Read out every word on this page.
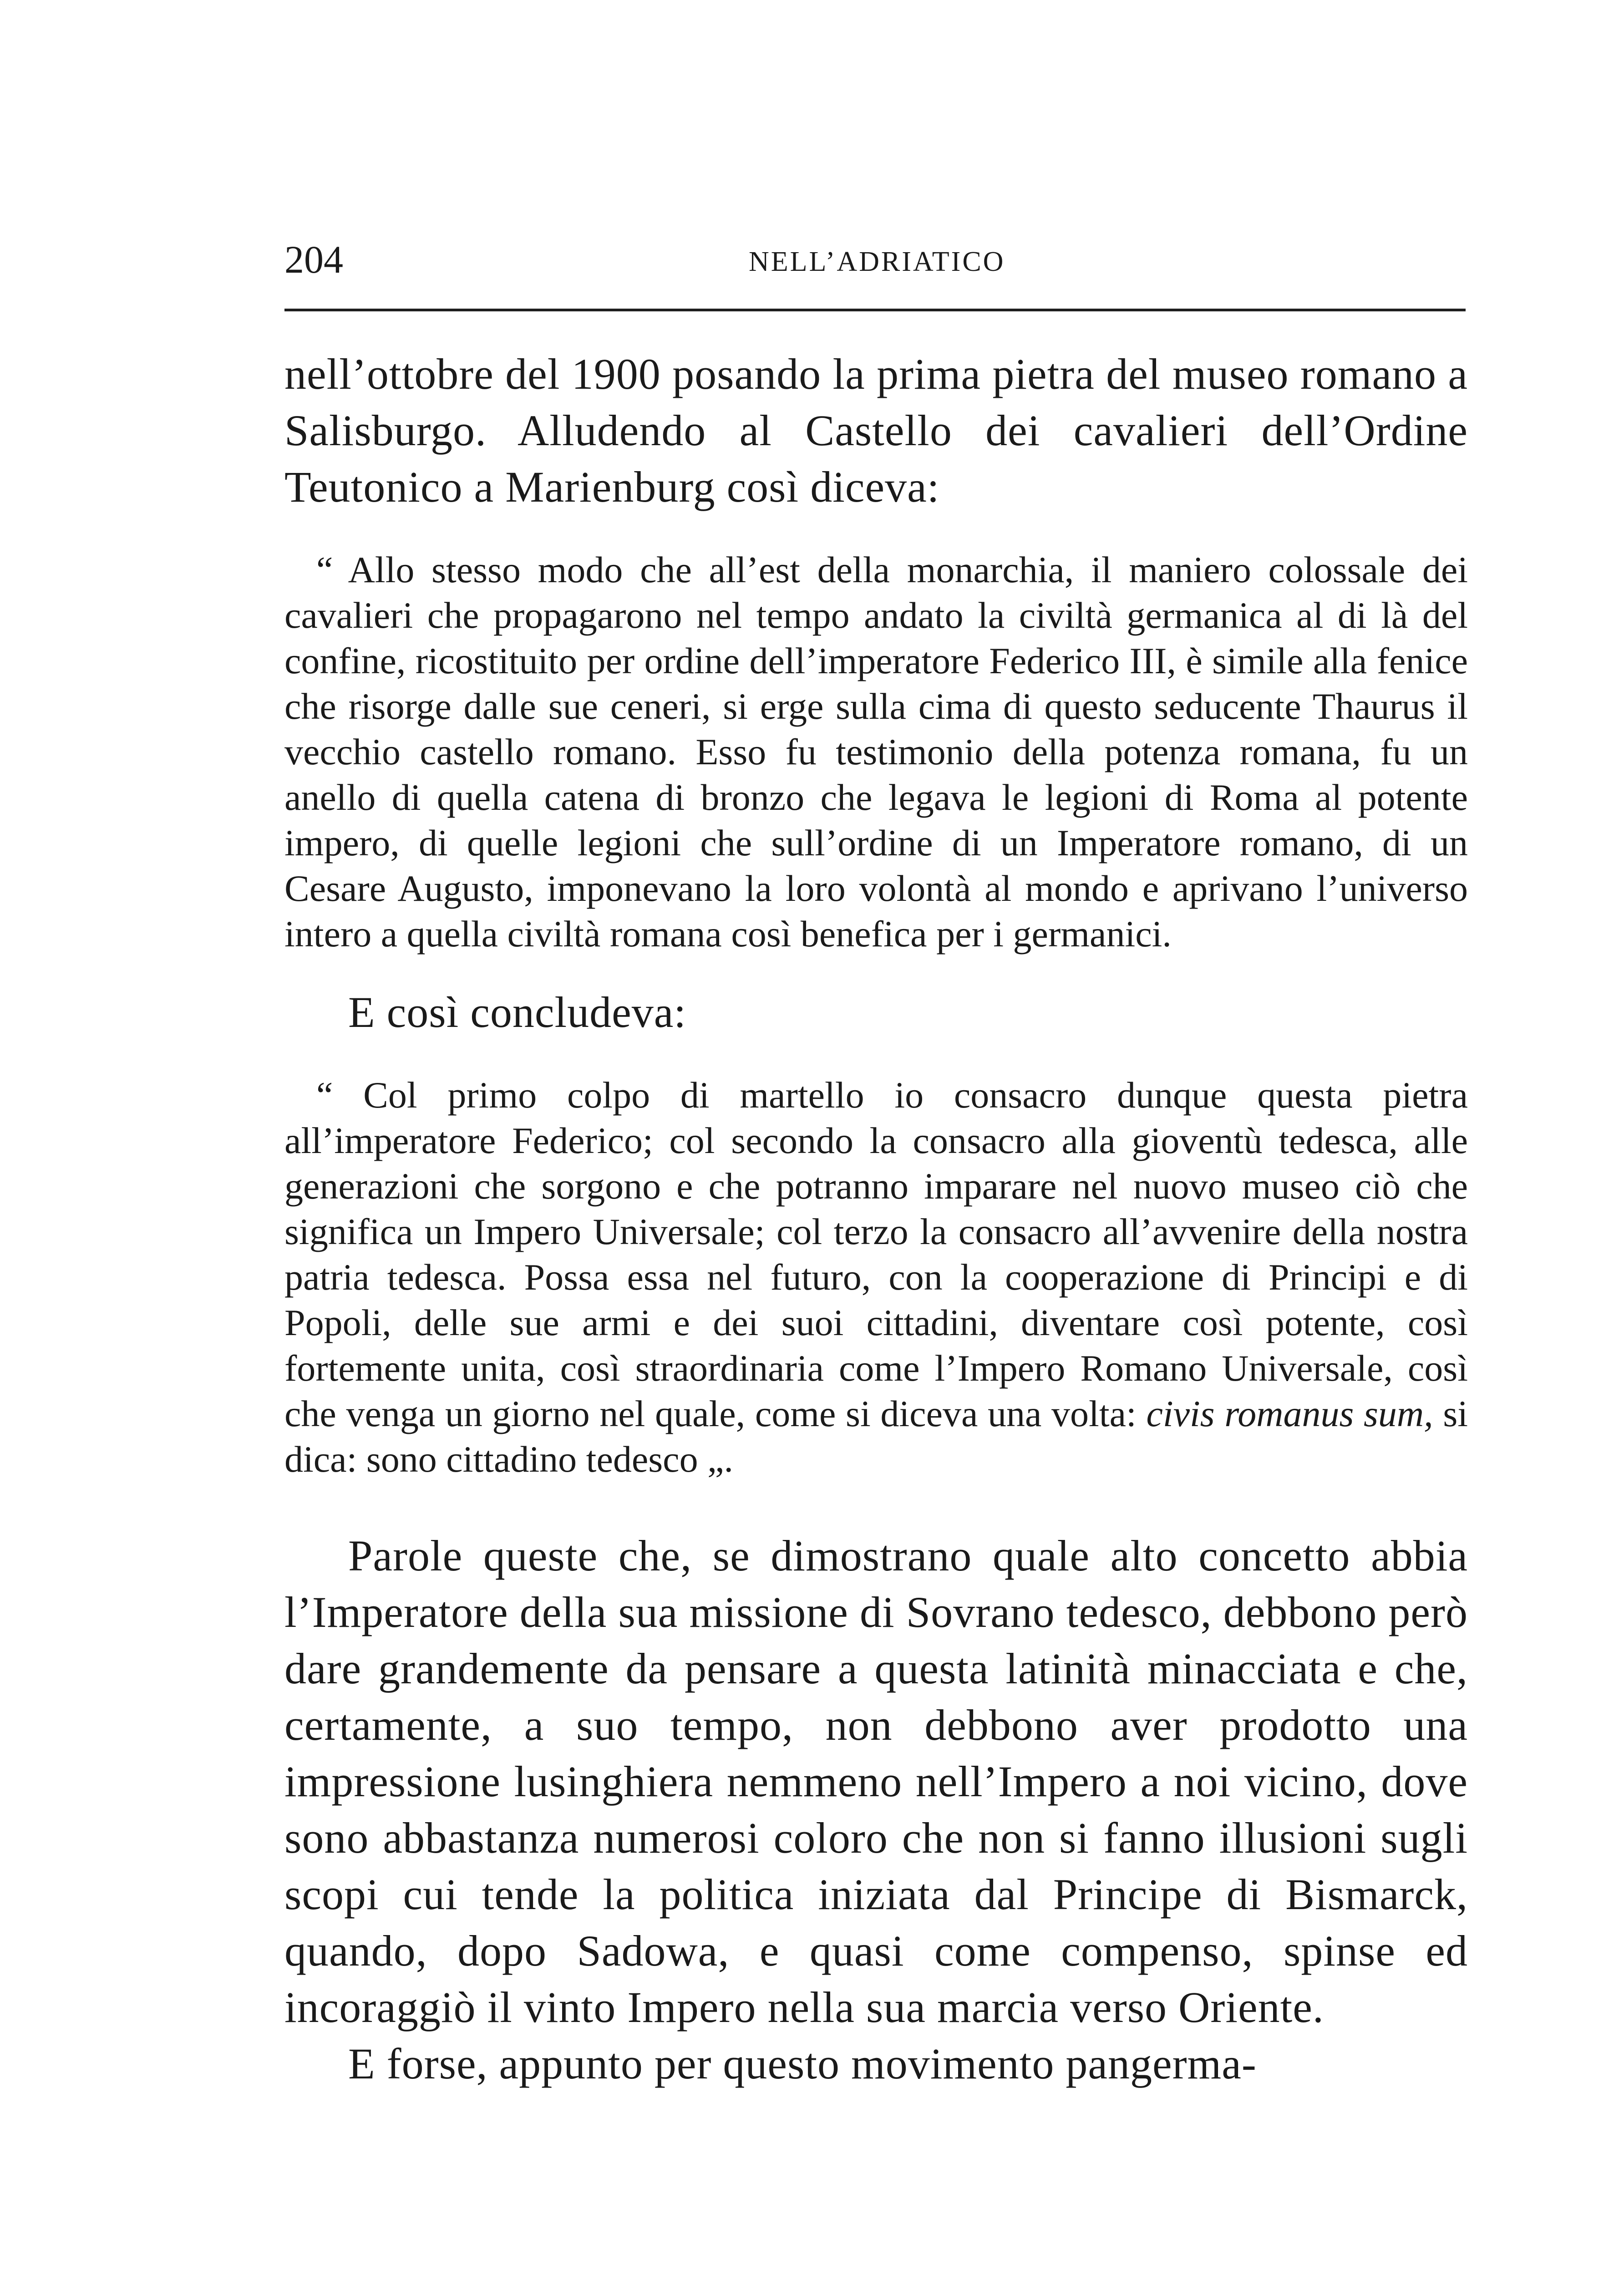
204	NELL’ADRIATICO

nell’ottobre del 1900 posando la prima pietra del museo romano a Salisburgo. Alludendo al Castello dei cavalieri dell’Ordine Teutonico a Marienburg così diceva:

“ Allo stesso modo che all’est della monarchia, il maniero colossale dei cavalieri che propagarono nel tempo andato la civiltà germanica al di là del confine, ricostituito per ordine dell’imperatore Federico III, è simile alla fenice che risorge dalle sue ceneri, si erge sulla cima di questo seducente Thaurus il vecchio castello romano. Esso fu testimonio della potenza romana, fu un anello di quella catena di bronzo che legava le legioni di Roma al potente impero, di quelle legioni che sull’ordine di un Imperatore romano, di un Cesare Augusto, imponevano la loro volontà al mondo e aprivano l’universo intero a quella civiltà romana così benefica per i germanici.

E così concludeva:

“ Col primo colpo di martello io consacro dunque questa pietra all’imperatore Federico; col secondo la consacro alla gioventù tedesca, alle generazioni che sorgono e che potranno imparare nel nuovo museo ciò che significa un Impero Universale; col terzo la consacro all’avvenire della nostra patria tedesca. Possa essa nel futuro, con la cooperazione di Principi e di Popoli, delle sue armi e dei suoi cittadini, diventare così potente, così fortemente unita, così straordinaria come l’Impero Romano Universale, così che venga un giorno nel quale, come si diceva una volta: civis romanus sum, si dica: sono cittadino tedesco „.

Parole queste che, se dimostrano quale alto concetto abbia l’Imperatore della sua missione di Sovrano tedesco, debbono però dare grandemente da pensare a questa latinità minacciata e che, certamente, a suo tempo, non debbono aver prodotto una impressione lusinghiera nemmeno nell’Impero a noi vicino, dove sono abbastanza numerosi coloro che non si fanno illusioni sugli scopi cui tende la politica iniziata dal Principe di Bismarck, quando, dopo Sadowa, e quasi come compenso, spinse ed incoraggiò il vinto Impero nella sua marcia verso Oriente.

E forse, appunto per questo movimento pangerma-
